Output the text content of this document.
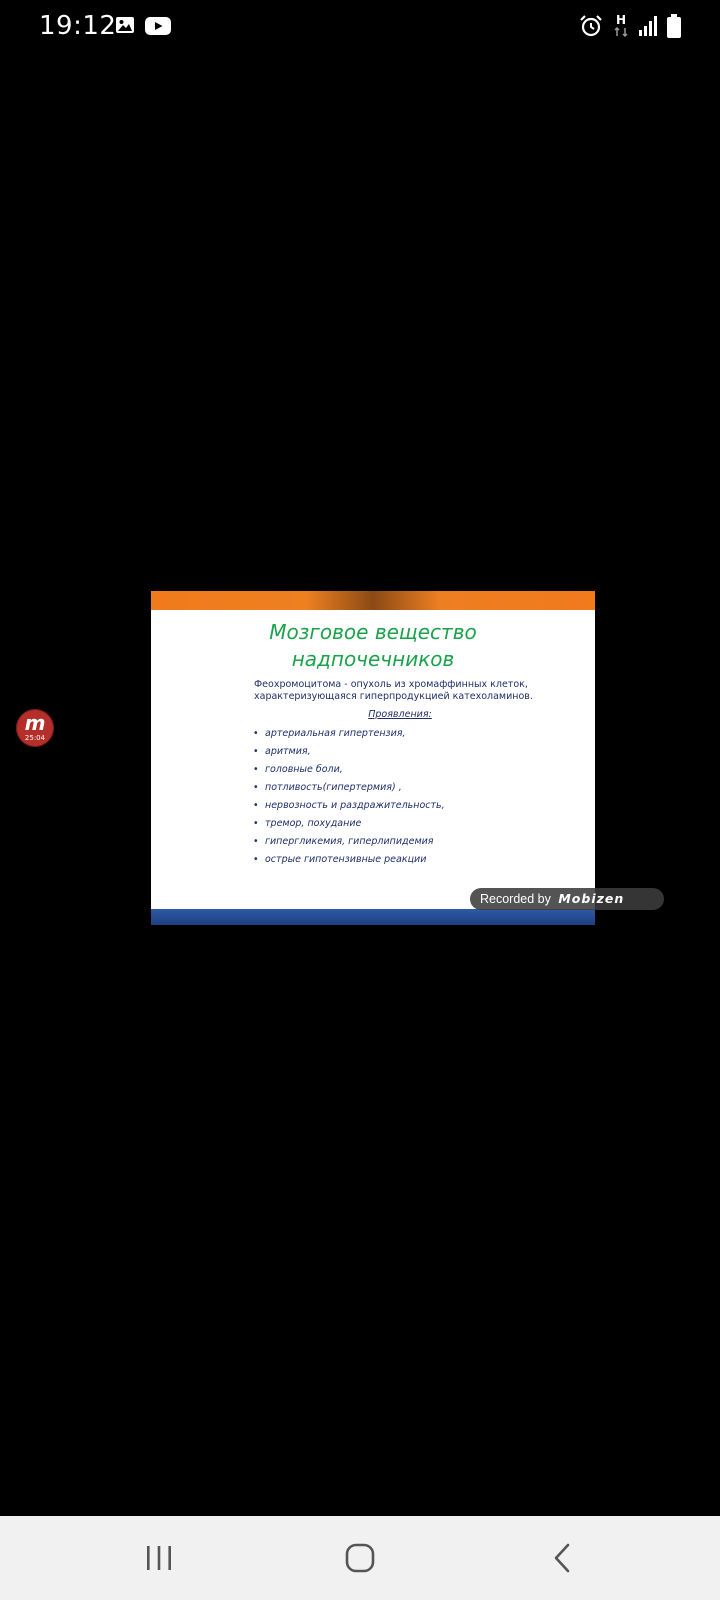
19:12	H
m
25:04
Мозговое вещество
надпочечников
Феохромоцитома - опухоль из хромаффинных клеток,
характеризующаяся гиперпродукцией катехоламинов.
Проявления:
• артериальная гипертензия,
• аритмия,
• головные боли,
• потливость(гипертермия) ,
• нервозность и раздражительность,
• тремор, похудание
• гипергликемия, гиперлипидемия
• острые гипотензивные реакции
Recorded by Mobizen
